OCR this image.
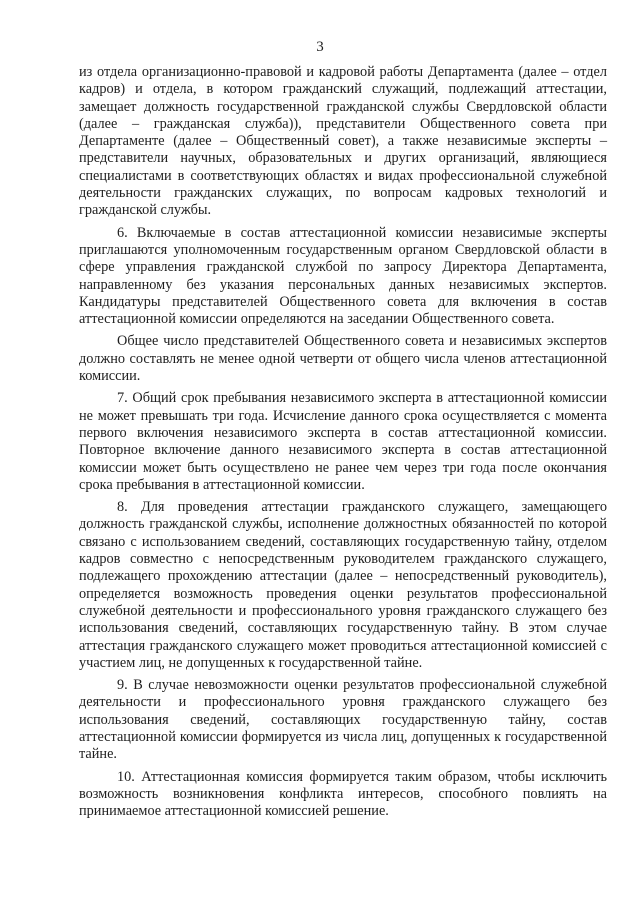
3

из отдела организационно-правовой и кадровой работы Департамента (далее – отдел кадров) и отдела, в котором гражданский служащий, подлежащий аттестации, замещает должность государственной гражданской службы Свердловской области (далее – гражданская служба)), представители Общественного совета при Департаменте (далее – Общественный совет), а также независимые эксперты – представители научных, образовательных и других организаций, являющиеся специалистами в соответствующих областях и видах профессиональной служебной деятельности гражданских служащих, по вопросам кадровых технологий и гражданской службы.

6. Включаемые в состав аттестационной комиссии независимые эксперты приглашаются уполномоченным государственным органом Свердловской области в сфере управления гражданской службой по запросу Директора Департамента, направленному без указания персональных данных независимых экспертов. Кандидатуры представителей Общественного совета для включения в состав аттестационной комиссии определяются на заседании Общественного совета.

Общее число представителей Общественного совета и независимых экспертов должно составлять не менее одной четверти от общего числа членов аттестационной комиссии.

7. Общий срок пребывания независимого эксперта в аттестационной комиссии не может превышать три года. Исчисление данного срока осуществляется с момента первого включения независимого эксперта в состав аттестационной комиссии. Повторное включение данного независимого эксперта в состав аттестационной комиссии может быть осуществлено не ранее чем через три года после окончания срока пребывания в аттестационной комиссии.

8. Для проведения аттестации гражданского служащего, замещающего должность гражданской службы, исполнение должностных обязанностей по которой связано с использованием сведений, составляющих государственную тайну, отделом кадров совместно с непосредственным руководителем гражданского служащего, подлежащего прохождению аттестации (далее – непосредственный руководитель), определяется возможность проведения оценки результатов профессиональной служебной деятельности и профессионального уровня гражданского служащего без использования сведений, составляющих государственную тайну. В этом случае аттестация гражданского служащего может проводиться аттестационной комиссией с участием лиц, не допущенных к государственной тайне.

9. В случае невозможности оценки результатов профессиональной служебной деятельности и профессионального уровня гражданского служащего без использования сведений, составляющих государственную тайну, состав аттестационной комиссии формируется из числа лиц, допущенных к государственной тайне.

10. Аттестационная комиссия формируется таким образом, чтобы исключить возможность возникновения конфликта интересов, способного повлиять на принимаемое аттестационной комиссией решение.
